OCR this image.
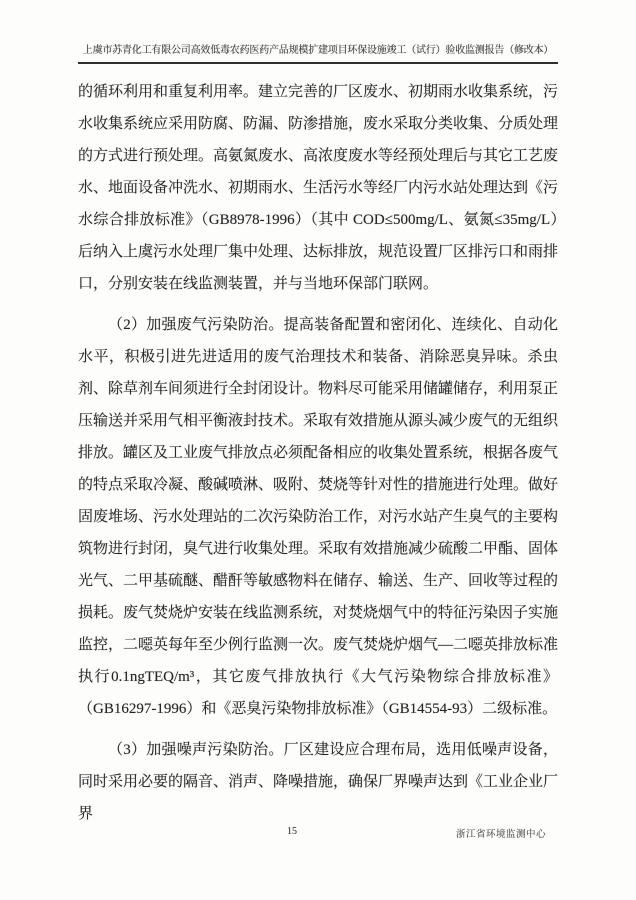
上虞市苏青化工有限公司高效低毒农药医药产品规模扩建项目环保设施竣工（试行）验收监测报告（修改本）

的循环利用和重复利用率。建立完善的厂区废水、初期雨水收集系统，污水收集系统应采用防腐、防漏、防渗措施，废水采取分类收集、分质处理的方式进行预处理。高氨氮废水、高浓度废水等经预处理后与其它工艺废水、地面设备冲洗水、初期雨水、生活污水等经厂内污水站处理达到《污水综合排放标准》（GB8978-1996）（其中 COD≤500mg/L、氨氮≤35mg/L）后纳入上虞污水处理厂集中处理、达标排放，规范设置厂区排污口和雨排口，分别安装在线监测装置，并与当地环保部门联网。

（2）加强废气污染防治。提高装备配置和密闭化、连续化、自动化水平，积极引进先进适用的废气治理技术和装备、消除恶臭异味。杀虫剂、除草剂车间须进行全封闭设计。物料尽可能采用储罐储存，利用泵正压输送并采用气相平衡液封技术。采取有效措施从源头减少废气的无组织排放。罐区及工业废气排放点必须配备相应的收集处置系统，根据各废气的特点采取冷凝、酸碱喷淋、吸附、焚烧等针对性的措施进行处理。做好固废堆场、污水处理站的二次污染防治工作，对污水站产生臭气的主要构筑物进行封闭，臭气进行收集处理。采取有效措施减少硫酸二甲酯、固体光气、二甲基硫醚、醋酐等敏感物料在储存、输送、生产、回收等过程的损耗。废气焚烧炉安装在线监测系统，对焚烧烟气中的特征污染因子实施监控，二噁英每年至少例行监测一次。废气焚烧炉烟气—二噁英排放标准执行0.1ngTEQ/m³，其它废气排放执行《大气污染物综合排放标准》（GB16297-1996）和《恶臭污染物排放标准》（GB14554-93）二级标准。

（3）加强噪声污染防治。厂区建设应合理布局，选用低噪声设备，同时采用必要的隔音、消声、降噪措施，确保厂界噪声达到《工业企业厂界

15	浙江省环境监测中心
